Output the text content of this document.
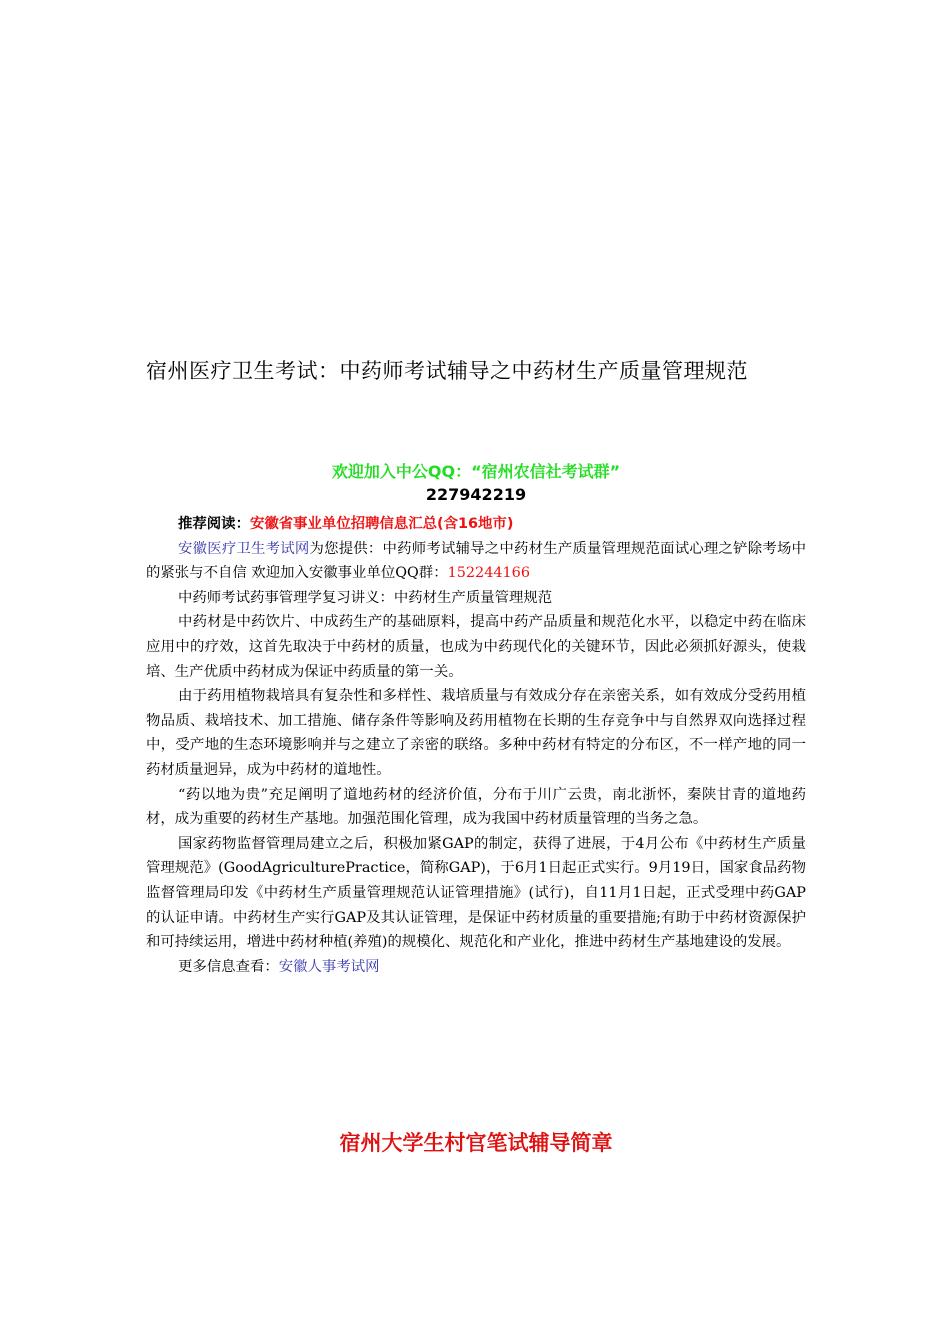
宿州医疗卫生考试：中药师考试辅导之中药材生产质量管理规范
欢迎加入中公QQ：“宿州农信社考试群”
227942219

推荐阅读：安徽省事业单位招聘信息汇总(含16地市)

安徽医疗卫生考试网为您提供：中药师考试辅导之中药材生产质量管理规范面试心理之铲除考场中的紧张与不自信 欢迎加入安徽事业单位QQ群：152244166

中药师考试药事管理学复习讲义：中药材生产质量管理规范

中药材是中药饮片、中成药生产的基础原料，提高中药产品质量和规范化水平，以稳定中药在临床应用中的疗效，这首先取决于中药材的质量，也成为中药现代化的关键环节，因此必须抓好源头，使栽培、生产优质中药材成为保证中药质量的第一关。

由于药用植物栽培具有复杂性和多样性、栽培质量与有效成分存在亲密关系，如有效成分受药用植物品质、栽培技术、加工措施、储存条件等影响及药用植物在长期的生存竞争中与自然界双向选择过程中，受产地的生态环境影响并与之建立了亲密的联络。多种中药材有特定的分布区，不一样产地的同一药材质量迥异，成为中药材的道地性。

“药以地为贵”充足阐明了道地药材的经济价值，分布于川广云贵，南北浙怀，秦陕甘青的道地药材，成为重要的药材生产基地。加强范围化管理，成为我国中药材质量管理的当务之急。

国家药物监督管理局建立之后，积极加紧GAP的制定，获得了进展，于4月公布《中药材生产质量管理规范》(GoodAgriculturePractice，简称GAP)，于6月1日起正式实行。9月19日，国家食品药物监督管理局印发《中药材生产质量管理规范认证管理措施》(试行)，自11月1日起，正式受理中药GAP的认证申请。中药材生产实行GAP及其认证管理，是保证中药材质量的重要措施;有助于中药材资源保护和可持续运用，增进中药材种植(养殖)的规模化、规范化和产业化，推进中药材生产基地建设的发展。

更多信息查看：安徽人事考试网

宿州大学生村官笔试辅导简章
